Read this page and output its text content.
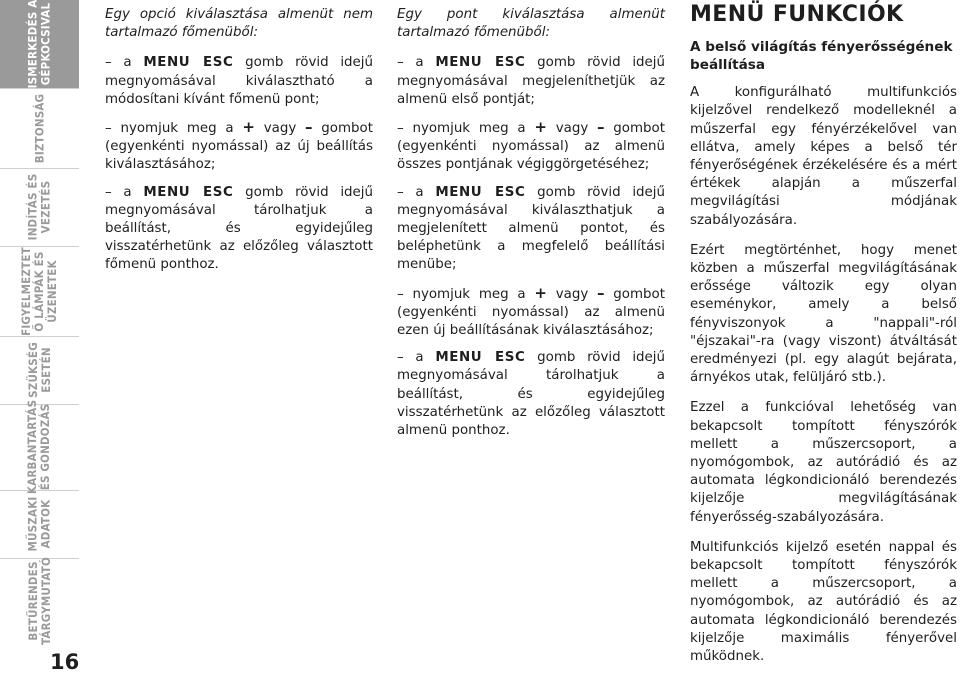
ISMERKEDÉS A
GÉPKOCSIVAL
BIZTONSÁG
INDÍTÁS ÉS
VEZETÉS
FIGYELMEZTET
Ő LÁMPÁK ÉS
ÜZENETEK
SZÜKSÉG
ESETÉN
KARBANTARTÁS
ÉS GONDOZÁS
MŰSZAKI
ADATOK
BETŰRENDES
TÁRGYMUTATÓ
16

Egy opció kiválasztása almenüt nem tartalmazó főmenüből:

– a MENU ESC gomb rövid idejű megnyomásával kiválasztható a módosítani kívánt főmenü pont;

– nyomjuk meg a + vagy – gombot (egyenkénti nyomással) az új beállítás kiválasztásához;

– a MENU ESC gomb rövid idejű megnyomásával tárolhatjuk a beállítást, és egyidejűleg visszatérhetünk az előzőleg választott főmenü ponthoz.

Egy pont kiválasztása almenüt tartalmazó főmenüből:

– a MENU ESC gomb rövid idejű megnyomásával megjeleníthetjük az almenü első pontját;

– nyomjuk meg a + vagy – gombot (egyenkénti nyomással) az almenü összes pontjának végiggörgetéséhez;

– a MENU ESC gomb rövid idejű megnyomásával kiválaszthatjuk a megjelenített almenü pontot, és beléphetünk a megfelelő beállítási menübe;

– nyomjuk meg a + vagy – gombot (egyenkénti nyomással) az almenü ezen új beállításának kiválasztásához;

– a MENU ESC gomb rövid idejű megnyomásával tárolhatjuk a beállítást, és egyidejűleg visszatérhetünk az előzőleg választott almenü ponthoz.

MENÜ FUNKCIÓK

A belső világítás fényerősségének beállítása

A konfigurálható multifunkciós kijelzővel rendelkező modelleknél a műszerfal egy fényérzékelővel van ellátva, amely képes a belső tér fényerőségének érzékelésére és a mért értékek alapján a műszerfal megvilágítási módjának szabályozására.

Ezért megtörténhet, hogy menet közben a műszerfal megvilágításának erőssége változik egy olyan eseménykor, amely a belső fényviszonyok a "nappali"-ról "éjszakai"-ra (vagy viszont) átváltását eredményezi (pl. egy alagút bejárata, árnyékos utak, felüljáró stb.).

Ezzel a funkcióval lehetőség van bekapcsolt tompított fényszórók mellett a műszercsoport, a nyomógombok, az autórádió és az automata légkondicionáló berendezés kijelzője megvilágításának fényerősség-szabályozására.

Multifunkciós kijelző esetén nappal és bekapcsolt tompított fényszórók mellett a műszercsoport, a nyomógombok, az autórádió és az automata légkondicionáló berendezés kijelzője maximális fényerővel működnek.
